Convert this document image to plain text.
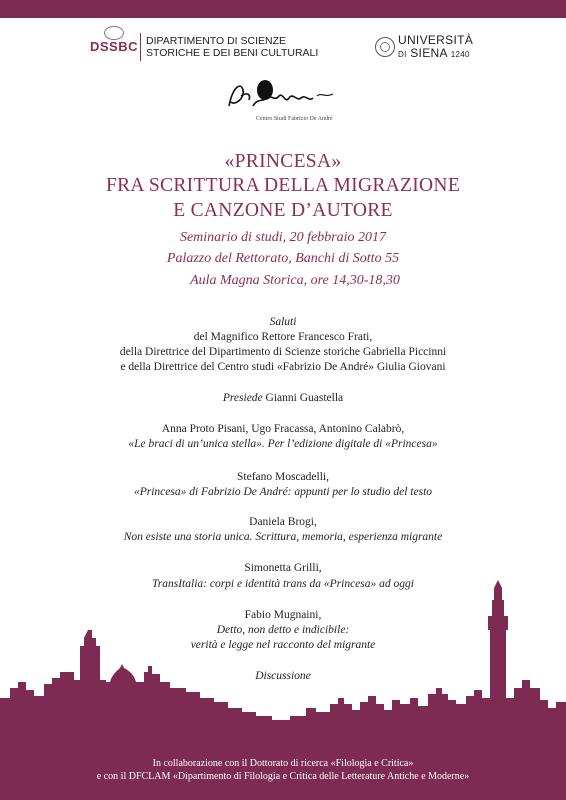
DSSBC DIPARTIMENTO DI SCIENZE
STORICHE E DEI BENI CULTURALI
UNIVERSITÀ
DI SIENA 1240
Centro Studi Fabrizio De André
«PRINCESA»
FRA SCRITTURA DELLA MIGRAZIONE
E CANZONE D’AUTORE
Seminario di studi, 20 febbraio 2017
Palazzo del Rettorato, Banchi di Sotto 55
Aula Magna Storica, ore 14,30-18,30
Saluti
del Magnifico Rettore Francesco Frati,
della Direttrice del Dipartimento di Scienze storiche Gabriella Piccinni
e della Direttrice del Centro studi «Fabrizio De André» Giulia Giovani
Presiede Gianni Guastella
Anna Proto Pisani, Ugo Fracassa, Antonino Calabrò,
«Le braci di un’unica stella». Per l’edizione digitale di «Princesa»
Stefano Moscadelli,
«Princesa» di Fabrizio De André: appunti per lo studio del testo
Daniela Brogi,
Non esiste una storia unica. Scrittura, memoria, esperienza migrante
Simonetta Grilli,
TransItalia: corpi e identità trans da «Princesa» ad oggi
Fabio Mugnaini,
Detto, non detto e indicibile:
verità e legge nel racconto del migrante
Discussione
In collaborazione con il Dottorato di ricerca «Filologia e Critica»
e con il DFCLAM «Dipartimento di Filologia e Critica delle Letterature Antiche e Moderne»
